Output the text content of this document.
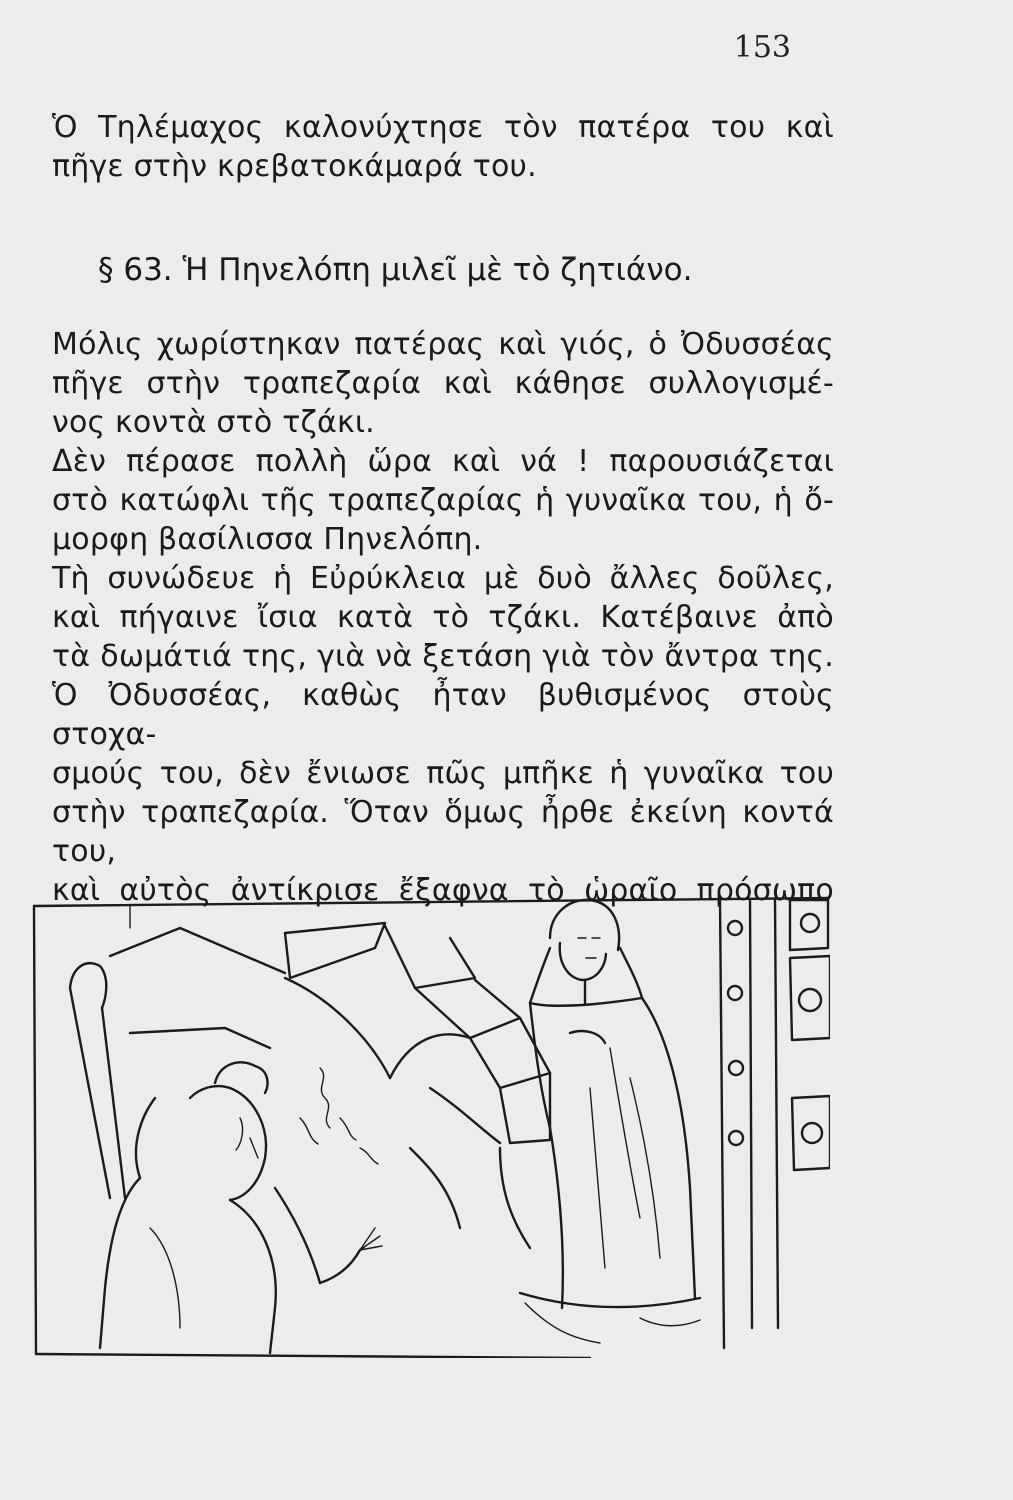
153
Ὁ Τηλέμαχος καλονύχτησε τὸν πατέρα του καὶ
πῆγε στὴν κρεβατοκάμαρά του.
§ 63. Ἡ Πηνελόπη μιλεῖ μὲ τὸ ζητιάνο.
Μόλις χωρίστηκαν πατέρας καὶ γιός, ὁ Ὀδυσσέας
πῆγε στὴν τραπεζαρία καὶ κάθησε συλλογισμέ-
νος κοντὰ στὸ τζάκι.
Δὲν πέρασε πολλὴ ὥρα καὶ νά ! παρουσιάζεται
στὸ κατώφλι τῆς τραπεζαρίας ἡ γυναῖκα του, ἡ ὄ-
μορφη βασίλισσα Πηνελόπη.
Τὴ συνώδευε ἡ Εὐρύκλεια μὲ δυὸ ἄλλες δοῦλες,
καὶ πήγαινε ἴσια κατὰ τὸ τζάκι. Κατέβαινε ἀπὸ
τὰ δωμάτιά της, γιὰ νὰ ξετάση γιὰ τὸν ἄντρα της.
Ὁ Ὀδυσσέας, καθὼς ἦταν βυθισμένος στοὺς στοχα-
σμούς του, δὲν ἔνιωσε πῶς μπῆκε ἡ γυναῖκα του
στὴν τραπεζαρία. Ὅταν ὅμως ἦρθε ἐκείνη κοντά του,
καὶ αὐτὸς ἀντίκρισε ἔξαφνα τὸ ὡραῖο πρόσωπο
